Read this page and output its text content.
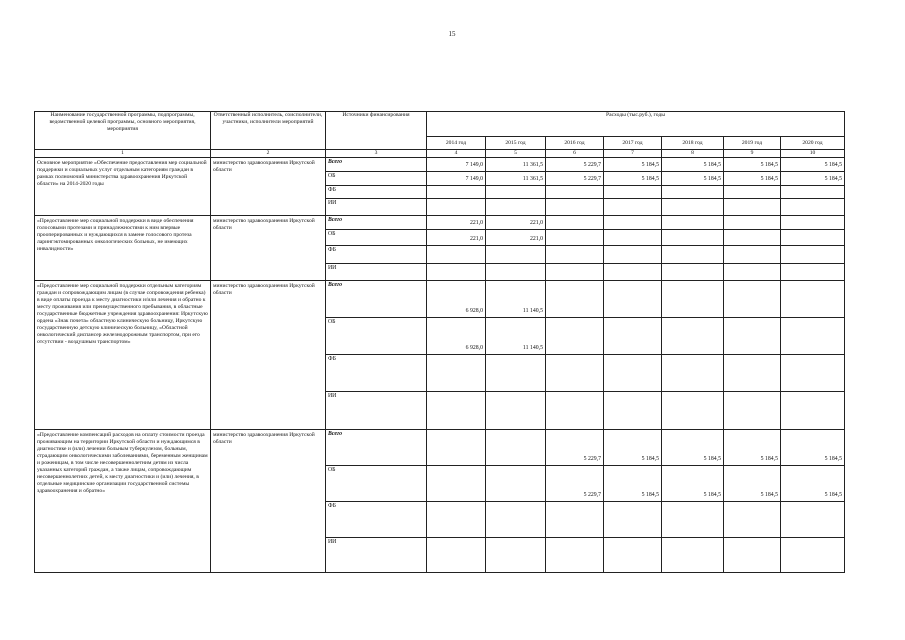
15
Наименование государственной программы, подпрограммы, ведомственной целевой программы, основного мероприятия, мероприятия	Ответственный исполнитель, соисполнители, участники, исполнители мероприятий	Источники финансирования	Расходы (тыс.руб.), годы						
			2014 год	2015 год	2016 год	2017 год	2018 год	2019 год	2020 год
1	2	3	4	5	6	7	8	9	10
Основное мероприятие «Обеспечение предоставления мер социальной поддержки и социальных услуг отдельным категориям граждан в рамках полномочий министерства здравоохранения Иркутской области» на 2014-2020 годы	министерство здравоохранения Иркутской области	Всего	7 149,0	11 361,5	5 229,7	5 184,5	5 184,5	5 184,5	5 184,5
		ОБ	7 149,0	11 361,5	5 229,7	5 184,5	5 184,5	5 184,5	5 184,5
		ФБ							
		ИИ							
«Предоставление мер социальной поддержки в виде обеспечения голосовыми протезами и принадлежностями к ним впервые прооперированных и нуждающихся в замене голосового протеза ларингэктомированных онкологических больных, не имеющих инвалидности»	министерство здравоохранения Иркутской области	Всего	221,0	221,0					
		ОБ	221,0	221,0					
		ФБ							
		ИИ							
«Предоставление мер социальной поддержки отдельным категориям граждан и сопровождающим лицам (в случае сопровождения ребенка) в виде оплаты проезда к месту диагностики и/или лечения и обратно к месту проживания или преимущественного пребывания, в областные государственные бюджетные учреждения здравоохранения: Иркутскую ордена «Знак почета» областную клиническую больницу, Иркутскую государственную детскую клиническую больницу, «Областной онкологический диспансер железнодорожным транспортом, при его отсутствии - воздушным транспортом»	министерство здравоохранения Иркутской области	Всего	6 928,0	11 140,5					
		ОБ	6 928,0	11 140,5					
		ФБ							
		ИИ							
«Предоставление компенсаций расходов на оплату стоимости проезда проживающим на территории Иркутской области и нуждающимся в диагностике и (или) лечении больным туберкулезом, больным, страдающим онкологическими заболеваниями, беременным женщинам и роженицам, в том числе несовершеннолетним детям из числа указанных категорий граждан, а также лицам, сопровождающим несовершеннолетних детей, к месту диагностики и (или) лечения, в отдельные медицинские организации государственной системы здравоохранения и обратно»	министерство здравоохранения Иркутской области	Всего			5 229,7	5 184,5	5 184,5	5 184,5	5 184,5
		ОБ			5 229,7	5 184,5	5 184,5	5 184,5	5 184,5
		ФБ							
		ИИ							
